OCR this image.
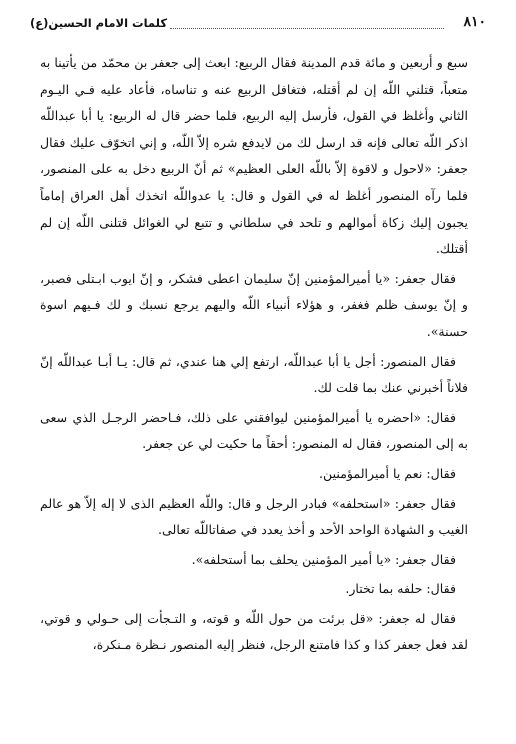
٨١٠
كلمات الامام الحسين(ع)

سبع و أربعين و مائة قدم المدينة فقال الربيع: ابعث إلى جعفر بن محمّد من يأتينا به متعباً، قتلني اللّه إن لم أقتله، فتغافل الربيع عنه و تناساه، فأعاد عليه فـي اليـوم الثاني وأغلظ في القول، فأرسل إليه الربيع، فلما حضر قال له الربيع: يا أبا عبداللّه اذكر اللّه تعالى فإنه قد ارسل لك من لايدفع شره إلاّ اللّه، و إني اتخوّف عليك فقال جعفر: «لاحول و لاقوة إلاّ باللّه العلى العظيم» ثم أنّ الربيع دخل به على المنصور، فلما رآه المنصور أغلظ له في القول و قال: يا عدواللّه اتخذك أهل العراق إماماً يجبون إليك زكاة أموالهم و تلحد في سلطاني و تتبع لي الغوائل قتلنى اللّه إن لم أقتلك.

فقال جعفر: «يا أميرالمؤمنين إنّ سليمان اعطى فشكر، و إنّ ايوب ابـتلى فصبر، و إنّ يوسف ظلم فغفر، و هؤلاء أنبياء اللّه واليهم يرجع نسبك و لك فـيهم اسوة حسنة».

فقال المنصور: أجل يا أبا عبداللّه، ارتفع إلي هنا عندي، ثم قال: يـا أبـا عبداللّه إنّ فلاناً أخبرني عنك بما قلت لك.

فقال: «احضره يا أميرالمؤمنين ليوافقني على ذلك، فـاحضر الرجـل الذي سعى به إلى المنصور، فقال له المنصور: أحقاً ما حكيت لي عن جعفر.

فقال: نعم يا أميرالمؤمنين.

فقال جعفر: «استحلفه» فبادر الرجل و قال: واللّه العظيم الذى لا إله إلاّ هو عالم الغيب و الشهادة الواحد الأحد و أخذ يعدد في صفاتاللّه تعالى.

فقال جعفر: «يا أمير المؤمنين يحلف بما أستحلفه».

فقال: حلفه بما تختار.

فقال له جعفر: «قل برئت من حول اللّه و قوته، و التـجأت إلى حـولي و قوتي، لقد فعل جعفر كذا و كذا فامتنع الرجل، فنظر إليه المنصور نـظرة مـنكرة،
